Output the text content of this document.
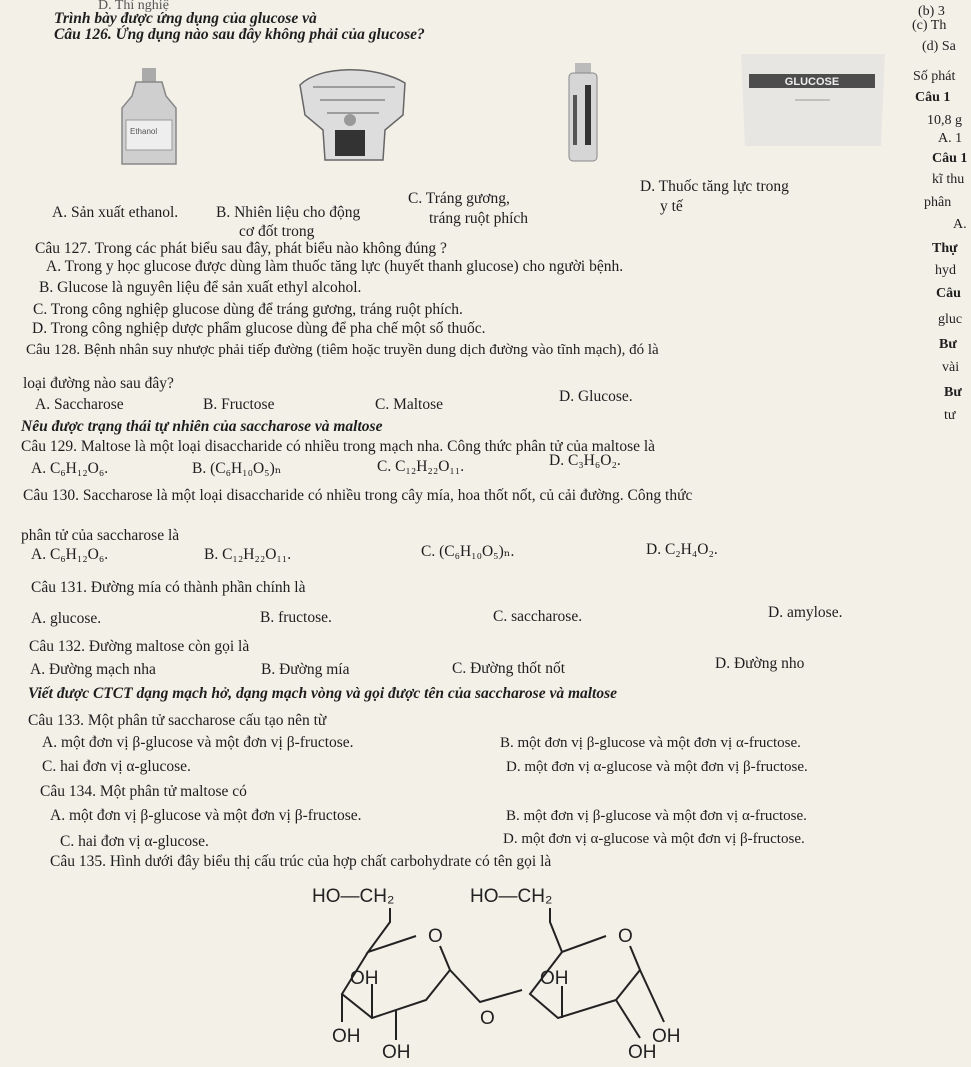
D. Thí nghiệ
Trình bày được ứng dụng của glucose và
Câu 126. Ứng dụng nào sau đây không phải của glucose?
Ethanol
GLUCOSE
A. Sản xuất ethanol. B. Nhiên liệu cho động
cơ đốt trong
C. Tráng gương,
tráng ruột phích
D. Thuốc tăng lực trong
y tế
(b) 3
(c) Th
(d) Sa
Số phát
Câu 1
10,8 g
A. 1
Câu 1
kĩ thu
phân
A.
Thự
hyd
Câu
gluc
Bư
vài
Bư
tư
Câu 127. Trong các phát biểu sau đây, phát biểu nào không đúng ?
A. Trong y học glucose được dùng làm thuốc tăng lực (huyết thanh glucose) cho người bệnh.
B. Glucose là nguyên liệu để sản xuất ethyl alcohol.
C. Trong công nghiệp glucose dùng để tráng gương, tráng ruột phích.
D. Trong công nghiệp dược phẩm glucose dùng để pha chế một số thuốc.
Câu 128. Bệnh nhân suy nhược phải tiếp đường (tiêm hoặc truyền dung dịch đường vào tĩnh mạch), đó là
loại đường nào sau đây?
A. Saccharose	B. Fructose	C. Maltose	D. Glucose.
Nêu được trạng thái tự nhiên của saccharose và maltose
Câu 129. Maltose là một loại disaccharide có nhiều trong mạch nha. Công thức phân tử của maltose là
A. C₆H₁₂O₆.	B. (C₆H₁₀O₅)ₙ	C. C₁₂H₂₂O₁₁.	D. C₃H₆O₂.
Câu 130. Saccharose là một loại disaccharide có nhiều trong cây mía, hoa thốt nốt, củ cải đường. Công thức
phân tử của saccharose là
A. C₆H₁₂O₆.	B. C₁₂H₂₂O₁₁.	C. (C₆H₁₀O₅)ₙ.	D. C₂H₄O₂.
Câu 131. Đường mía có thành phần chính là
A. glucose.	B. fructose.	C. saccharose.	D. amylose.
Câu 132. Đường maltose còn gọi là
A. Đường mạch nha	B. Đường mía	C. Đường thốt nốt	D. Đường nho
Viết được CTCT dạng mạch hở, dạng mạch vòng và gọi được tên của saccharose và maltose
Câu 133. Một phân tử saccharose cấu tạo nên từ
A. một đơn vị β-glucose và một đơn vị β-fructose.	B. một đơn vị β-glucose và một đơn vị α-fructose.
C. hai đơn vị α-glucose.	D. một đơn vị α-glucose và một đơn vị β-fructose.
Câu 134. Một phân tử maltose có
A. một đơn vị β-glucose và một đơn vị β-fructose.	B. một đơn vị β-glucose và một đơn vị α-fructose.
C. hai đơn vị α-glucose.	D. một đơn vị α-glucose và một đơn vị β-fructose.
Câu 135. Hình dưới đây biểu thị cấu trúc của hợp chất carbohydrate có tên gọi là
HO—CH₂	HO—CH₂
O	O
OH	OH
O
OH
OH
OH
OH
